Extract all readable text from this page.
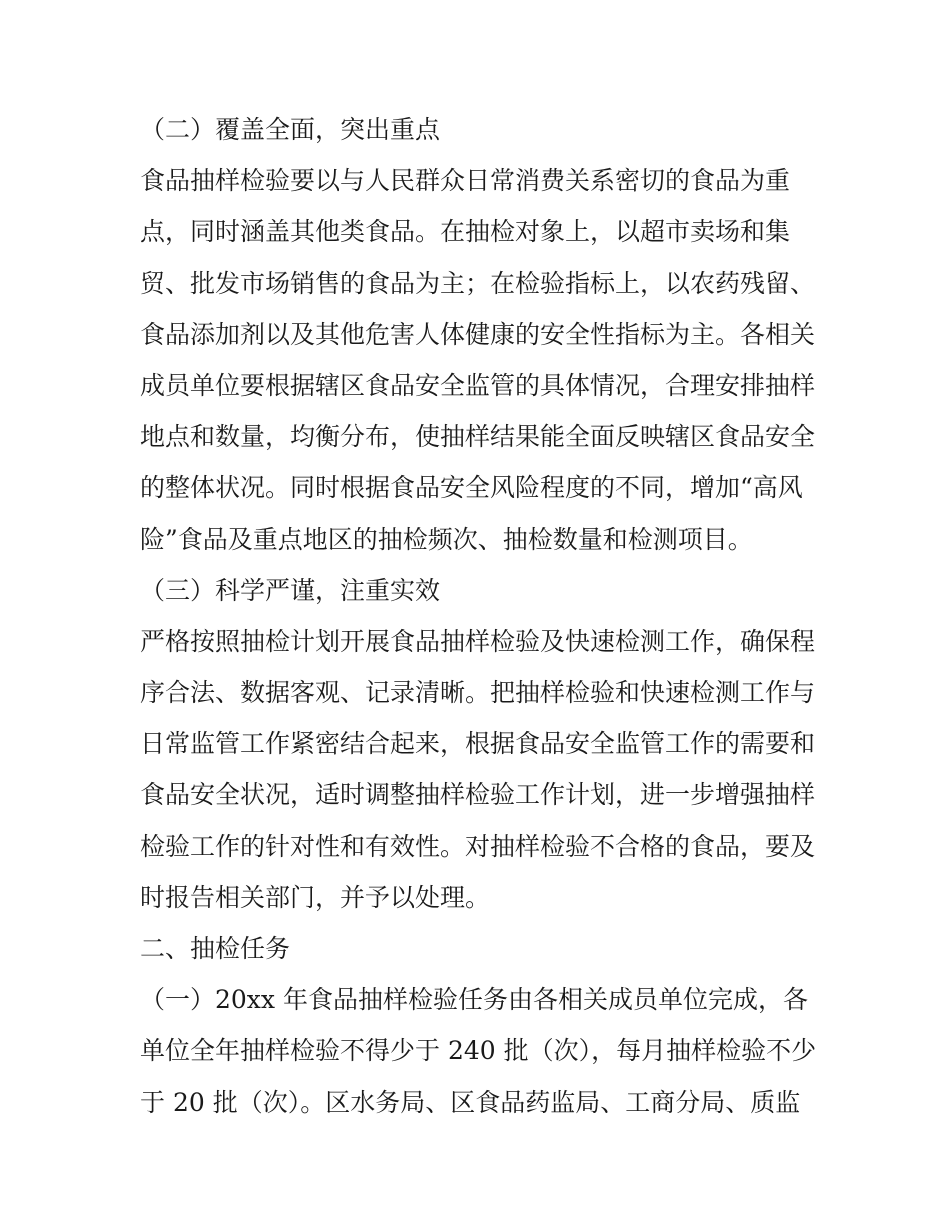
（二）覆盖全面，突出重点
食品抽样检验要以与人民群众日常消费关系密切的食品为重
点，同时涵盖其他类食品。在抽检对象上，以超市卖场和集
贸、批发市场销售的食品为主；在检验指标上，以农药残留、
食品添加剂以及其他危害人体健康的安全性指标为主。各相关
成员单位要根据辖区食品安全监管的具体情况，合理安排抽样
地点和数量，均衡分布，使抽样结果能全面反映辖区食品安全
的整体状况。同时根据食品安全风险程度的不同，增加“高风
险”食品及重点地区的抽检频次、抽检数量和检测项目。
（三）科学严谨，注重实效
严格按照抽检计划开展食品抽样检验及快速检测工作，确保程
序合法、数据客观、记录清晰。把抽样检验和快速检测工作与
日常监管工作紧密结合起来，根据食品安全监管工作的需要和
食品安全状况，适时调整抽样检验工作计划，进一步增强抽样
检验工作的针对性和有效性。对抽样检验不合格的食品，要及
时报告相关部门，并予以处理。
二、抽检任务
（一）20xx 年食品抽样检验任务由各相关成员单位完成，各
单位全年抽样检验不得少于 240 批（次），每月抽样检验不少
于 20 批（次）。区水务局、区食品药监局、工商分局、质监
